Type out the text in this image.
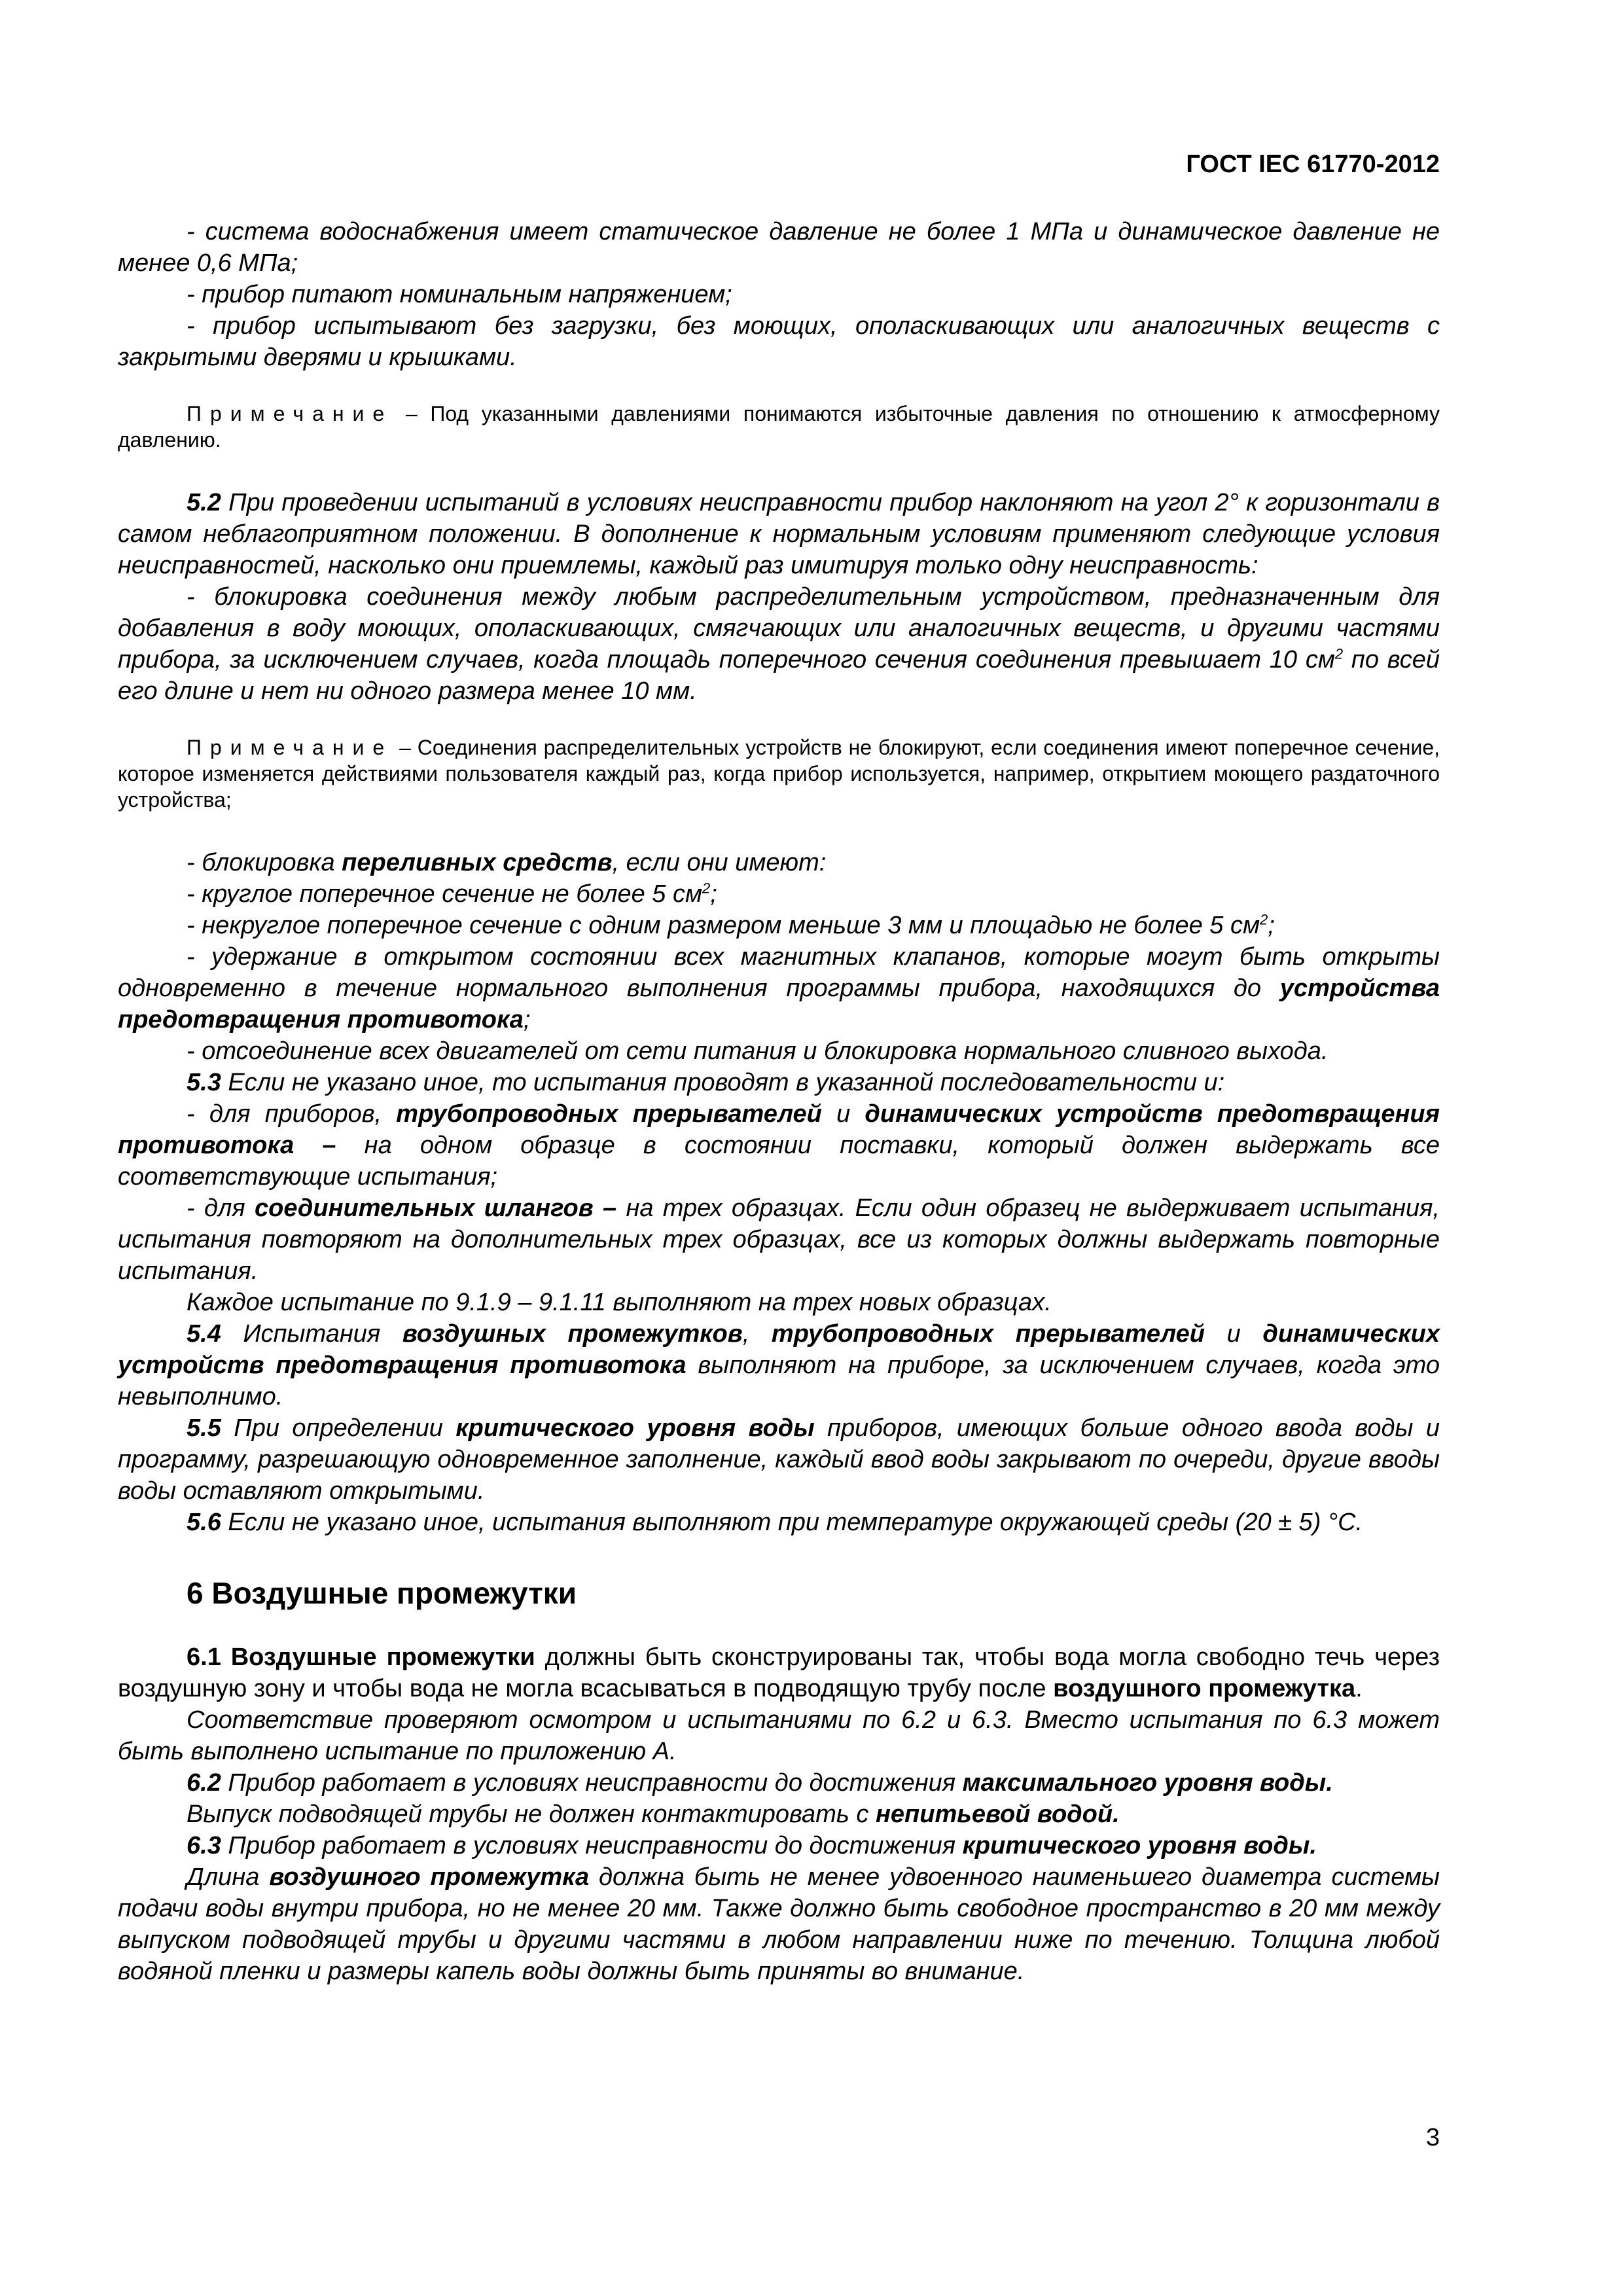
ГОСТ IEC 61770-2012

- система водоснабжения имеет статическое давление не более 1 МПа и динамическое давление не менее 0,6 МПа;

- прибор питают номинальным напряжением;

- прибор испытывают без загрузки, без моющих, ополаскивающих или аналогичных веществ с закрытыми дверями и крышками.

Примечание – Под указанными давлениями понимаются избыточные давления по отношению к атмосферному давлению.

5.2 При проведении испытаний в условиях неисправности прибор наклоняют на угол 2° к горизонтали в самом неблагоприятном положении. В дополнение к нормальным условиям применяют следующие условия неисправностей, насколько они приемлемы, каждый раз имитируя только одну неисправность:

- блокировка соединения между любым распределительным устройством, предназначенным для добавления в воду моющих, ополаскивающих, смягчающих или аналогичных веществ, и другими частями прибора, за исключением случаев, когда площадь поперечного сечения соединения превышает 10 $см^2$ по всей его длине и нет ни одного размера менее 10 мм.

Примечание – Соединения распределительных устройств не блокируют, если соединения имеют поперечное сечение, которое изменяется действиями пользователя каждый раз, когда прибор используется, например, открытием моющего раздаточного устройства;

- блокировка переливных средств, если они имеют:

- круглое поперечное сечение не более 5 $см^2$;

- некруглое поперечное сечение с одним размером меньше 3 мм и площадью не более 5 $см^2$;

- удержание в открытом состоянии всех магнитных клапанов, которые могут быть открыты одновременно в течение нормального выполнения программы прибора, находящихся до устройства предотвращения противотока;

- отсоединение всех двигателей от сети питания и блокировка нормального сливного выхода.

5.3 Если не указано иное, то испытания проводят в указанной последовательности и:

- для приборов, трубопроводных прерывателей и динамических устройств предотвращения противотока – на одном образце в состоянии поставки, который должен выдержать все соответствующие испытания;

- для соединительных шлангов – на трех образцах. Если один образец не выдерживает испытания, испытания повторяют на дополнительных трех образцах, все из которых должны выдержать повторные испытания.

Каждое испытание по 9.1.9 – 9.1.11 выполняют на трех новых образцах.

5.4 Испытания воздушных промежутков, трубопроводных прерывателей и динамических устройств предотвращения противотока выполняют на приборе, за исключением случаев, когда это невыполнимо.

5.5 При определении критического уровня воды приборов, имеющих больше одного ввода воды и программу, разрешающую одновременное заполнение, каждый ввод воды закрывают по очереди, другие вводы воды оставляют открытыми.

5.6 Если не указано иное, испытания выполняют при температуре окружающей среды (20 ± 5) °С.

6 Воздушные промежутки

6.1 Воздушные промежутки должны быть сконструированы так, чтобы вода могла свободно течь через воздушную зону и чтобы вода не могла всасываться в подводящую трубу после воздушного промежутка.

Соответствие проверяют осмотром и испытаниями по 6.2 и 6.3. Вместо испытания по 6.3 может быть выполнено испытание по приложению А.

6.2 Прибор работает в условиях неисправности до достижения максимального уровня воды.

Выпуск подводящей трубы не должен контактировать с непитьевой водой.

6.3 Прибор работает в условиях неисправности до достижения критического уровня воды.

Длина воздушного промежутка должна быть не менее удвоенного наименьшего диаметра системы подачи воды внутри прибора, но не менее 20 мм. Также должно быть свободное пространство в 20 мм между выпуском подводящей трубы и другими частями в любом направлении ниже по течению. Толщина любой водяной пленки и размеры капель воды должны быть приняты во внимание.

3
